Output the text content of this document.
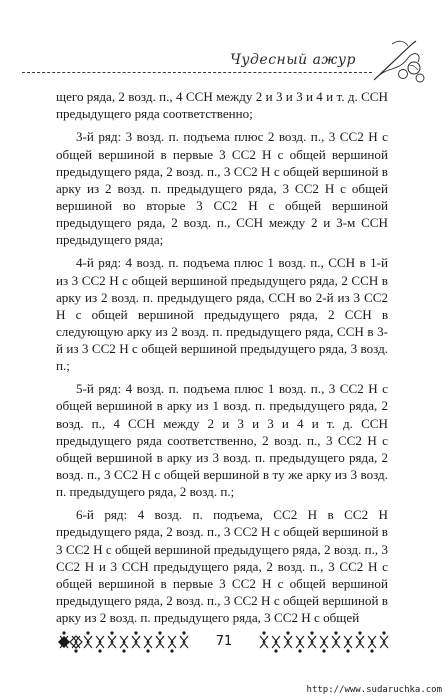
Чудесный ажур

щего ряда, 2 возд. п., 4 ССН между 2 и 3 и 3 и 4 и т. д. ССН предыдущего ряда соответственно;

3-й ряд: 3 возд. п. подъема плюс 2 возд. п., 3 СС2 Н с общей вершиной в первые 3 СС2 Н с общей вершиной предыдущего ряда, 2 возд. п., 3 СС2 Н с общей вершиной в арку из 2 возд. п. предыдущего ряда, 3 СС2 Н с общей вершиной во вторые 3 СС2 Н с общей вершиной предыдущего ряда, 2 возд. п., ССН между 2 и 3-м ССН предыдущего ряда;

4-й ряд: 4 возд. п. подъема плюс 1 возд. п., ССН в 1-й из 3 СС2 Н с общей вершиной предыдущего ряда, 2 ССН в арку из 2 возд. п. предыдущего ряда, ССН во 2-й из 3 СС2 Н с общей вершиной предыдущего ряда, 2 ССН в следующую арку из 2 возд. п. предыдущего ряда, ССН в 3-й из 3 СС2 Н с общей вершиной предыдущего ряда, 3 возд. п.;

5-й ряд: 4 возд. п. подъема плюс 1 возд. п., 3 СС2 Н с общей вершиной в арку из 1 возд. п. предыдущего ряда, 2 возд. п., 4 ССН между 2 и 3 и 3 и 4 и т. д. ССН предыдущего ряда соответственно, 2 возд. п., 3 СС2 Н с общей вершиной в арку из 3 возд. п. предыдущего ряда, 2 возд. п., 3 СС2 Н с общей вершиной в ту же арку из 3 возд. п. предыдущего ряда, 2 возд. п.;

6-й ряд: 4 возд. п. подъема, СС2 Н в СС2 Н предыдущего ряда, 2 возд. п., 3 СС2 Н с общей вершиной в 3 СС2 Н с общей вершиной предыдущего ряда, 2 возд. п., 3 СС2 Н и 3 ССН предыдущего ряда, 2 возд. п., 3 СС2 Н с общей вершиной в первые 3 СС2 Н с общей вершиной предыдущего ряда, 2 возд. п., 3 СС2 Н с общей вершиной в арку из 2 возд. п. предыдущего ряда, 3 СС2 Н с общей

71
http://www.sudaruchka.com
